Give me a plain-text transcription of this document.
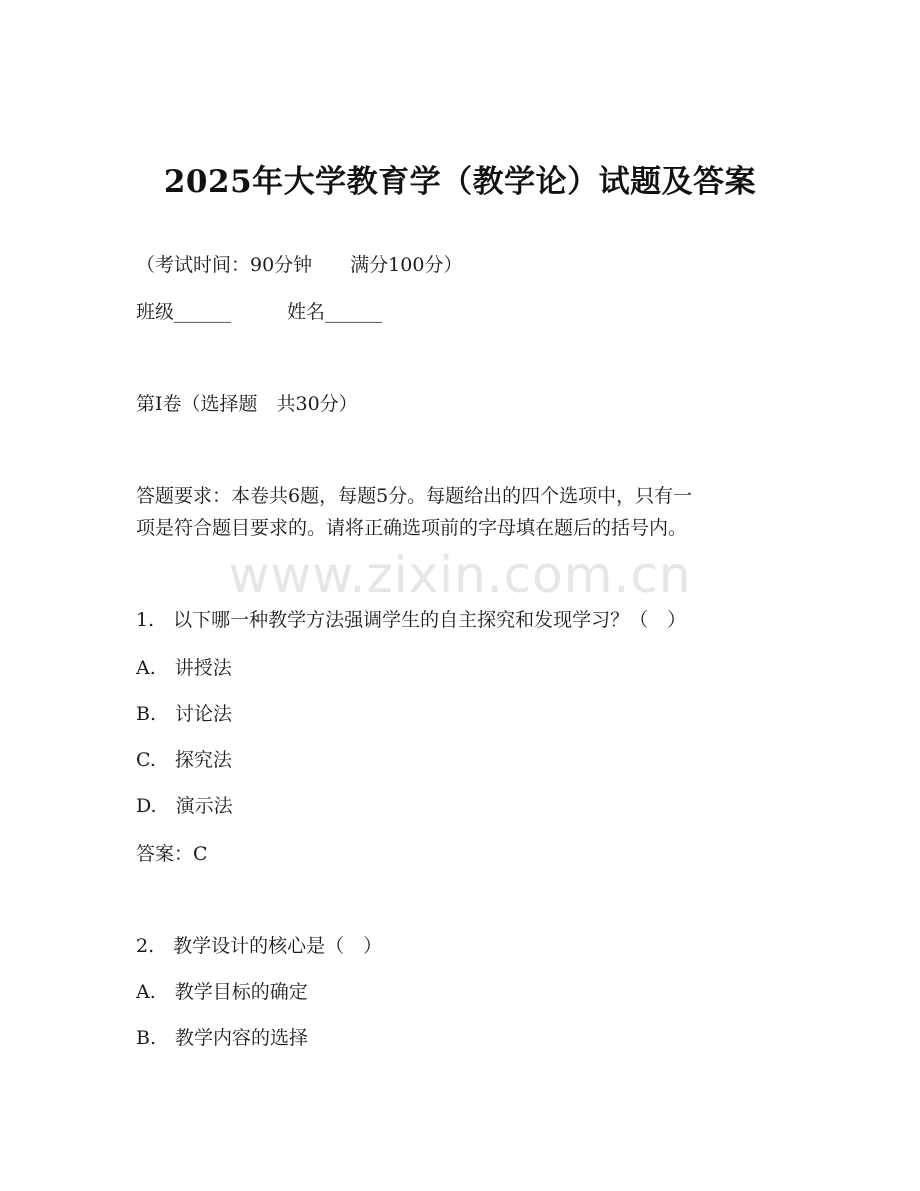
www.zixin.com.cn
2025年大学教育学（教学论）试题及答案
（考试时间：90分钟　　满分100分）
班级______	姓名______
第I卷（选择题　共30分）
答题要求：本卷共6题，每题5分。每题给出的四个选项中，只有一
项是符合题目要求的。请将正确选项前的字母填在题后的括号内。
1.　以下哪一种教学方法强调学生的自主探究和发现学习？（　）
A.　讲授法
B.　讨论法
C.　探究法
D.　演示法
答案：C
2.　教学设计的核心是（　）
A.　教学目标的确定
B.　教学内容的选择
